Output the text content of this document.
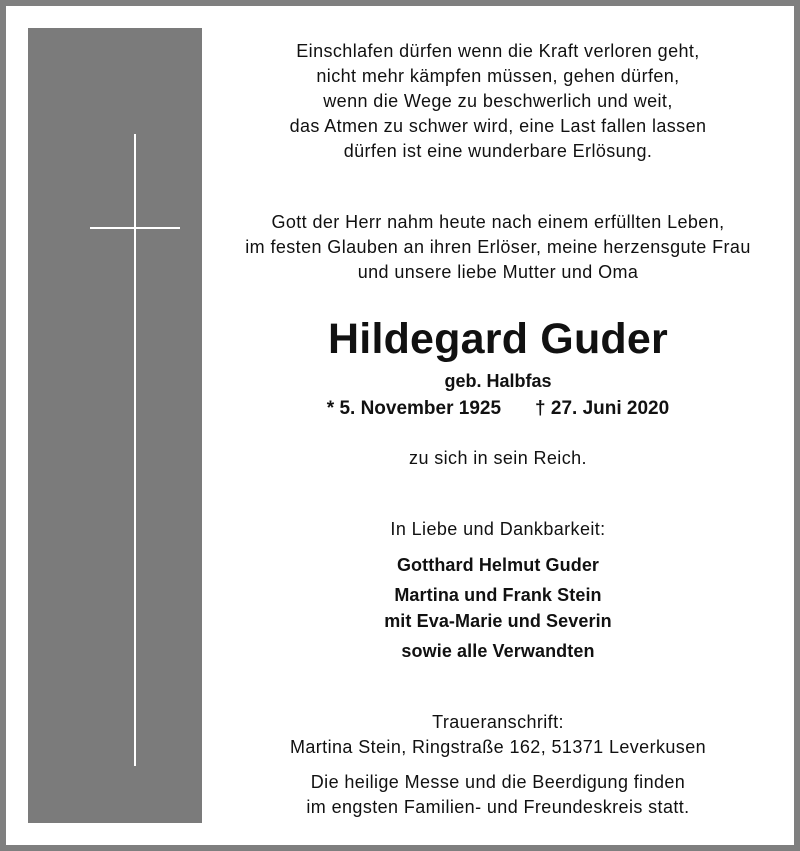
Einschlafen dürfen wenn die Kraft verloren geht,
nicht mehr kämpfen müssen, gehen dürfen,
wenn die Wege zu beschwerlich und weit,
das Atmen zu schwer wird, eine Last fallen lassen
dürfen ist eine wunderbare Erlösung.
Gott der Herr nahm heute nach einem erfüllten Leben,
im festen Glauben an ihren Erlöser, meine herzensgute Frau
und unsere liebe Mutter und Oma
Hildegard Guder
geb. Halbfas
* 5. November 1925 † 27. Juni 2020
zu sich in sein Reich.
In Liebe und Dankbarkeit:
Gotthard Helmut Guder
Martina und Frank Stein
mit Eva-Marie und Severin
sowie alle Verwandten
Traueranschrift:
Martina Stein, Ringstraße 162, 51371 Leverkusen
Die heilige Messe und die Beerdigung finden
im engsten Familien- und Freundeskreis statt.
